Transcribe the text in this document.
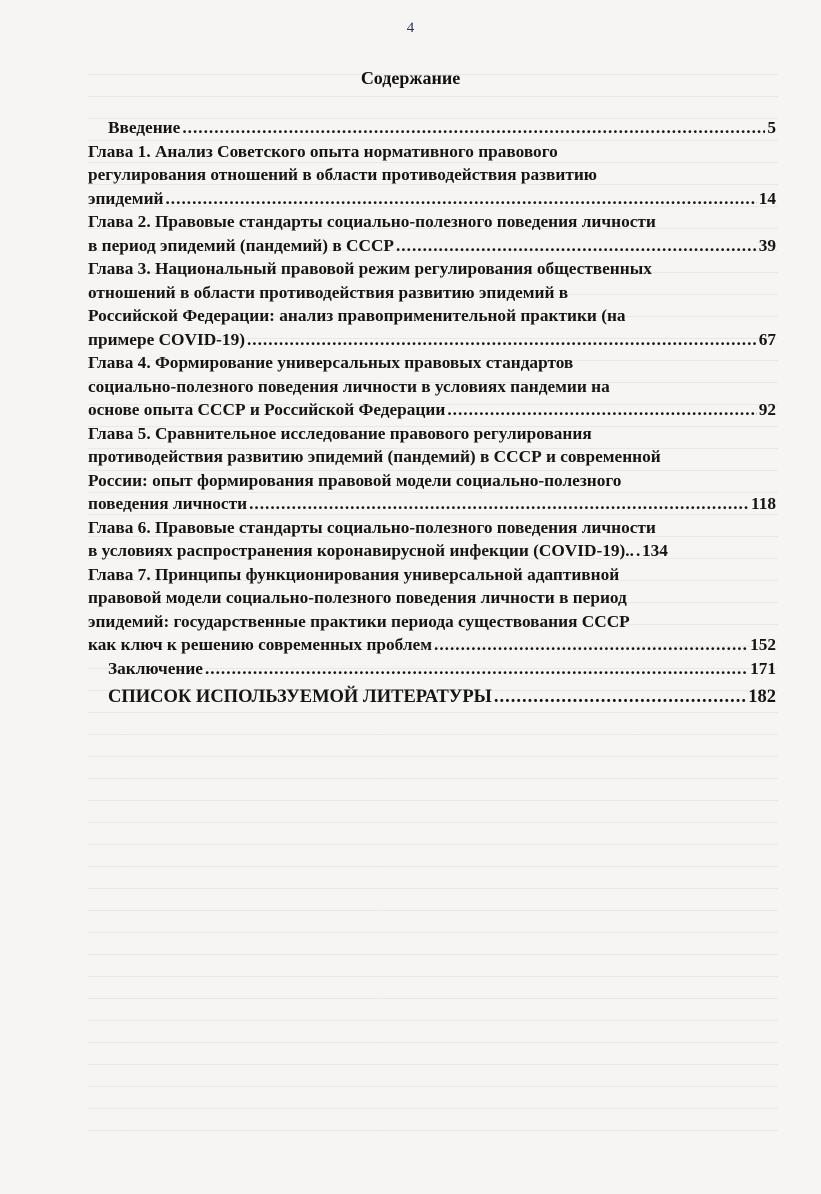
4
Содержание
Введение .....	5
Глава 1. Анализ Советского опыта нормативного правового
регулирования отношений в области противодействия развитию
эпидемий .....	14
Глава 2. Правовые стандарты социально-полезного поведения личности
в период эпидемий (пандемий) в СССР .....	39
Глава 3. Национальный правовой режим регулирования общественных
отношений в области противодействия развитию эпидемий в
Российской Федерации: анализ правоприменительной практики (на
примере COVID-19) .....	67
Глава 4. Формирование универсальных правовых стандартов
социально-полезного поведения личности в условиях пандемии на
основе опыта СССР и Российской Федерации .....	92
Глава 5. Сравнительное исследование правового регулирования
противодействия развитию эпидемий (пандемий) в СССР и современной
России: опыт формирования правовой модели социально-полезного
поведения личности .....	118
Глава 6. Правовые стандарты социально-полезного поведения личности
в условиях распространения коронавирусной инфекции (COVID-19).. ..... 134
Глава 7. Принципы функционирования универсальной адаптивной
правовой модели социально-полезного поведения личности в период
эпидемий: государственные практики периода существования СССР
как ключ к решению современных проблем .....	152
Заключение .....	171
СПИСОК ИСПОЛЬЗУЕМОЙ ЛИТЕРАТУРЫ .....	182
